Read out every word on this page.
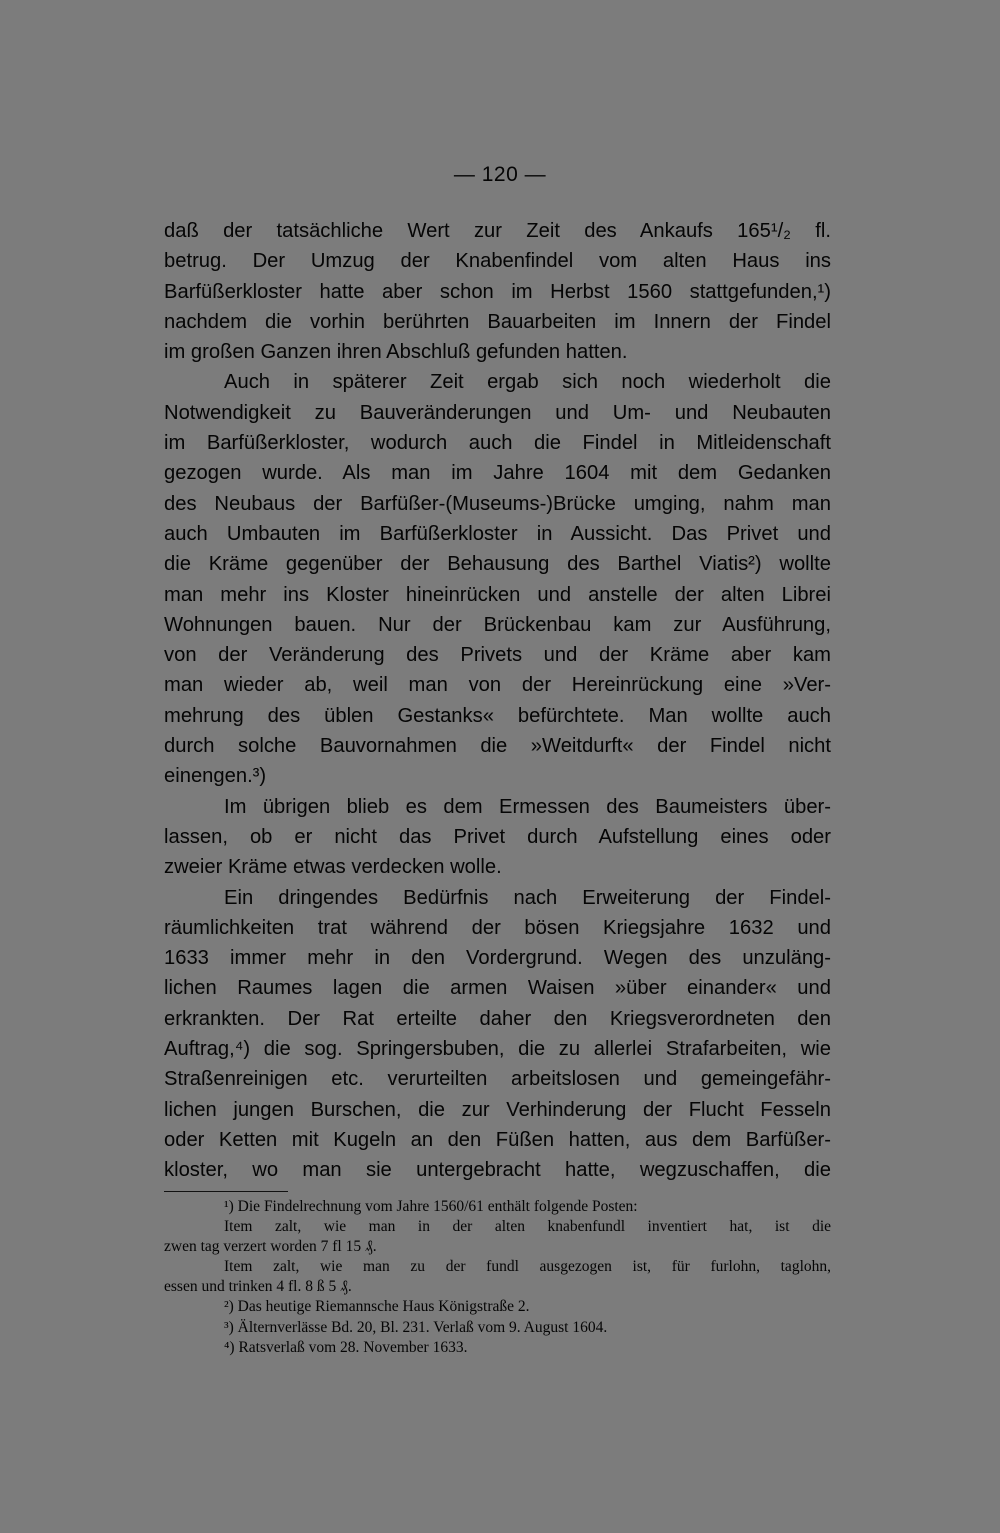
— 120 —
daß der tatsächliche Wert zur Zeit des Ankaufs 165¹/₂ fl.
betrug. Der Umzug der Knabenfindel vom alten Haus ins
Barfüßerkloster hatte aber schon im Herbst 1560 stattgefunden,¹)
nachdem die vorhin berührten Bauarbeiten im Innern der Findel
im großen Ganzen ihren Abschluß gefunden hatten.
Auch in späterer Zeit ergab sich noch wiederholt die
Notwendigkeit zu Bauveränderungen und Um- und Neubauten
im Barfüßerkloster, wodurch auch die Findel in Mitleidenschaft
gezogen wurde. Als man im Jahre 1604 mit dem Gedanken
des Neubaus der Barfüßer-(Museums-)Brücke umging, nahm man
auch Umbauten im Barfüßerkloster in Aussicht. Das Privet und
die Kräme gegenüber der Behausung des Barthel Viatis²) wollte
man mehr ins Kloster hineinrücken und anstelle der alten Librei
Wohnungen bauen. Nur der Brückenbau kam zur Ausführung,
von der Veränderung des Privets und der Kräme aber kam
man wieder ab, weil man von der Hereinrückung eine »Ver-
mehrung des üblen Gestanks« befürchtete. Man wollte auch
durch solche Bauvornahmen die »Weitdurft« der Findel nicht
einengen.³)
Im übrigen blieb es dem Ermessen des Baumeisters über-
lassen, ob er nicht das Privet durch Aufstellung eines oder
zweier Kräme etwas verdecken wolle.
Ein dringendes Bedürfnis nach Erweiterung der Findel-
räumlichkeiten trat während der bösen Kriegsjahre 1632 und
1633 immer mehr in den Vordergrund. Wegen des unzuläng-
lichen Raumes lagen die armen Waisen »über einander« und
erkrankten. Der Rat erteilte daher den Kriegsverordneten den
Auftrag,⁴) die sog. Springersbuben, die zu allerlei Strafarbeiten, wie
Straßenreinigen etc. verurteilten arbeitslosen und gemeingefähr-
lichen jungen Burschen, die zur Verhinderung der Flucht Fesseln
oder Ketten mit Kugeln an den Füßen hatten, aus dem Barfüßer-
kloster, wo man sie untergebracht hatte, wegzuschaffen, die
¹) Die Findelrechnung vom Jahre 1560/61 enthält folgende Posten:
Item zalt, wie man in der alten knabenfundl inventiert hat, ist die
zwen tag verzert worden 7 fl 15 ₰.
Item zalt, wie man zu der fundl ausgezogen ist, für furlohn, taglohn,
essen und trinken 4 fl. 8 ß 5 ₰.
²) Das heutige Riemannsche Haus Königstraße 2.
³) Älternverlässe Bd. 20, Bl. 231. Verlaß vom 9. August 1604.
⁴) Ratsverlaß vom 28. November 1633.
